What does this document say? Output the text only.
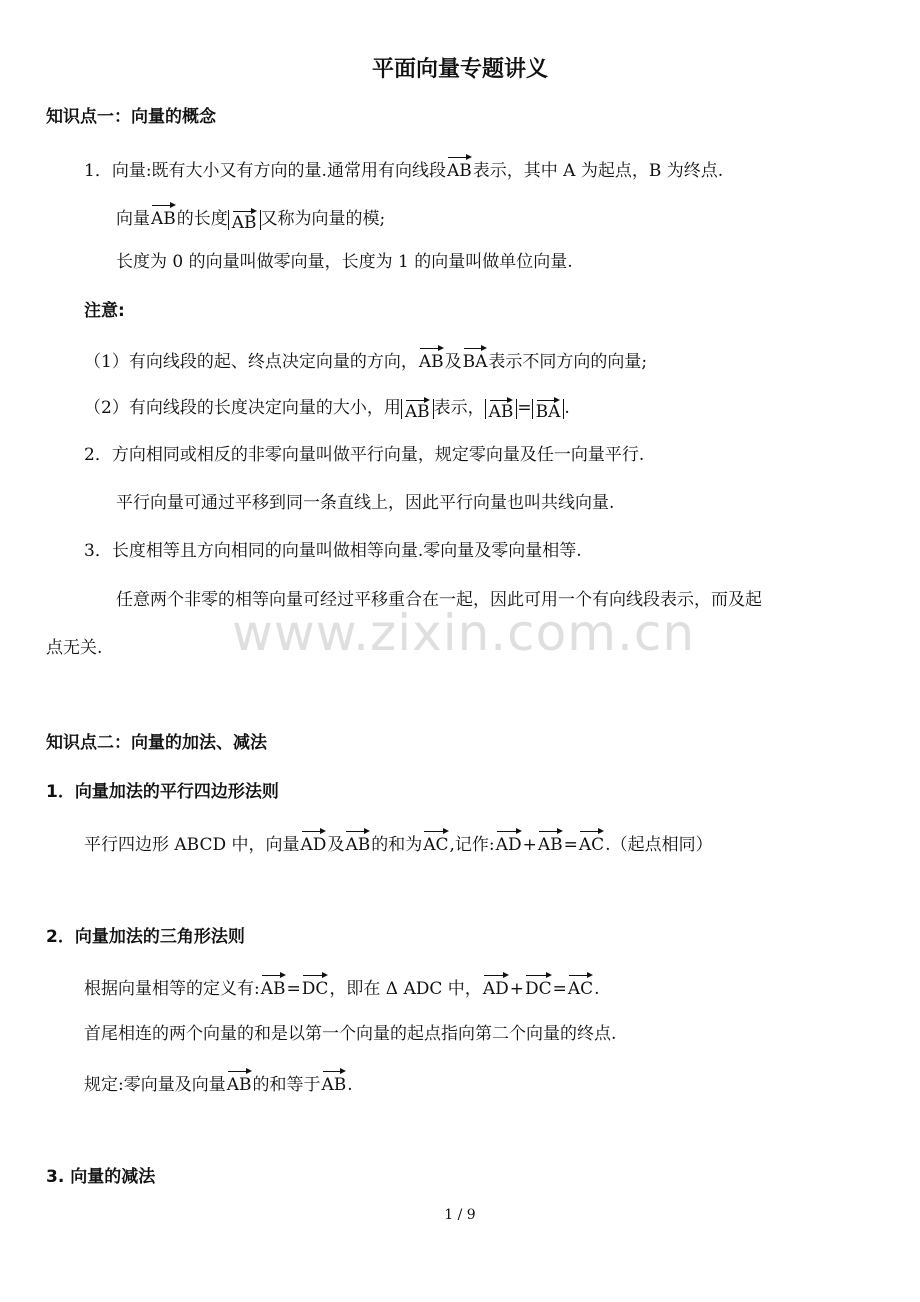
平面向量专题讲义
知识点一：向量的概念
1．向量:既有大小又有方向的量.通常用有向线段AB表示，其中 A 为起点，B 为终点.
向量AB的长度 AB 又称为向量的模;
长度为 0 的向量叫做零向量，长度为 1 的向量叫做单位向量.
注意:
（1）有向线段的起、终点决定向量的方向，AB及BA表示不同方向的向量;
（2）有向线段的长度决定向量的大小，用 AB 表示， AB = BA .
2．方向相同或相反的非零向量叫做平行向量，规定零向量及任一向量平行.
平行向量可通过平移到同一条直线上，因此平行向量也叫共线向量.
3．长度相等且方向相同的向量叫做相等向量.零向量及零向量相等.
任意两个非零的相等向量可经过平移重合在一起，因此可用一个有向线段表示，而及起
点无关.
知识点二：向量的加法、减法
1．向量加法的平行四边形法则
平行四边形 ABCD 中，向量AD及AB的和为AC,记作:AD+AB=AC.（起点相同）
2．向量加法的三角形法则
根据向量相等的定义有:AB=DC，即在 Δ ADC 中，AD+DC=AC.
首尾相连的两个向量的和是以第一个向量的起点指向第二个向量的终点.
规定:零向量及向量AB的和等于AB.
3. 向量的减法
www.zixin.com.cn
1 / 9
